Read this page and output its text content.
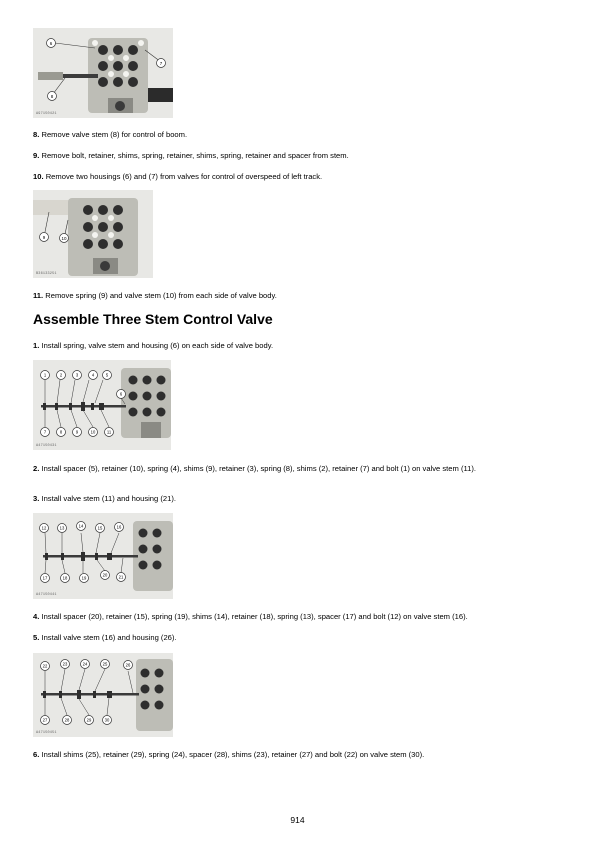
6
7
8
A97150421
8. Remove valve stem (8) for control of boom.
9. Remove bolt, retainer, shims, spring, retainer, shims, spring, retainer and spacer from stem.
10. Remove two housings (6) and (7) from valves for control of overspeed of left track.
9	10
B36133251
11. Remove spring (9) and valve stem (10) from each side of valve body.
Assemble Three Stem Control Valve
1. Install spring, valve stem and housing (6) on each side of valve body.
1	2	3	4	5
6
7	8	9	10	11
A47150431
2. Install spacer (5), retainer (10), spring (4), shims (9), retainer (3), spring (8), shims (2), retainer (7) and bolt (1) on valve stem (11).
3. Install valve stem (11) and housing (21).
12	13	14	15	16
17	18	19
20	21
A47150441
4. Install spacer (20), retainer (15), spring (19), shims (14), retainer (18), spring (13), spacer (17) and bolt (12) on valve stem (16).
5. Install valve stem (16) and housing (26).
22	23	24	25	26
27	28	29	30
A47150451
6. Install shims (25), retainer (29), spring (24), spacer (28), shims (23), retainer (27) and bolt (22) on valve stem (30).
914
